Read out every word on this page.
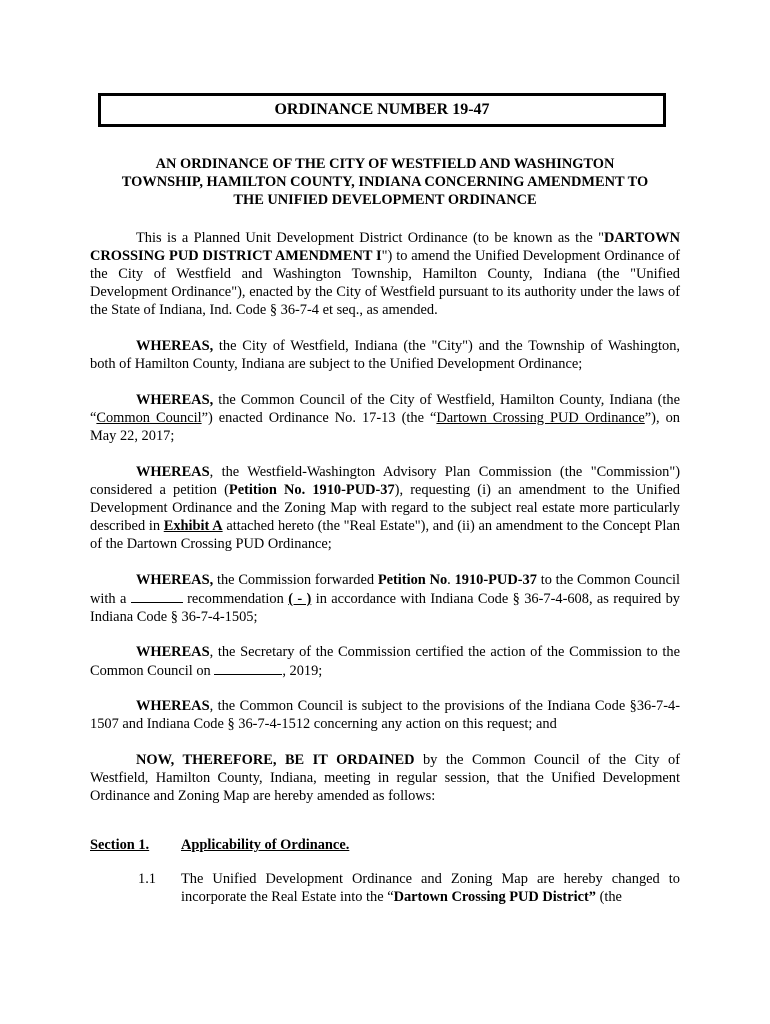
ORDINANCE NUMBER 19-47
AN ORDINANCE OF THE CITY OF WESTFIELD AND WASHINGTON
TOWNSHIP, HAMILTON COUNTY, INDIANA CONCERNING AMENDMENT TO
THE UNIFIED DEVELOPMENT ORDINANCE
This is a Planned Unit Development District Ordinance (to be known as the "DARTOWN CROSSING PUD DISTRICT AMENDMENT I") to amend the Unified Development Ordinance of the City of Westfield and Washington Township, Hamilton County, Indiana (the "Unified Development Ordinance"), enacted by the City of Westfield pursuant to its authority under the laws of the State of Indiana, Ind. Code § 36-7-4 et seq., as amended.
WHEREAS, the City of Westfield, Indiana (the "City") and the Township of Washington, both of Hamilton County, Indiana are subject to the Unified Development Ordinance;
WHEREAS, the Common Council of the City of Westfield, Hamilton County, Indiana (the “Common Council”) enacted Ordinance No. 17-13 (the “Dartown Crossing PUD Ordinance”), on May 22, 2017;
WHEREAS, the Westfield-Washington Advisory Plan Commission (the "Commission") considered a petition (Petition No. 1910-PUD-37), requesting (i) an amendment to the Unified Development Ordinance and the Zoning Map with regard to the subject real estate more particularly described in Exhibit A attached hereto (the "Real Estate"), and (ii) an amendment to the Concept Plan of the Dartown Crossing PUD Ordinance;
WHEREAS, the Commission forwarded Petition No. 1910-PUD-37 to the Common Council with a	recommendation ( - ) in accordance with Indiana Code § 36-7-4-608, as required by Indiana Code § 36-7-4-1505;
WHEREAS, the Secretary of the Commission certified the action of the Commission to the Common Council on	, 2019;
WHEREAS, the Common Council is subject to the provisions of the Indiana Code §36-7-4-1507 and Indiana Code § 36-7-4-1512 concerning any action on this request; and
NOW, THEREFORE, BE IT ORDAINED by the Common Council of the City of Westfield, Hamilton County, Indiana, meeting in regular session, that the Unified Development Ordinance and Zoning Map are hereby amended as follows:
Section 1. Applicability of Ordinance.
1.1 The Unified Development Ordinance and Zoning Map are hereby changed to incorporate the Real Estate into the “Dartown Crossing PUD District” (the
